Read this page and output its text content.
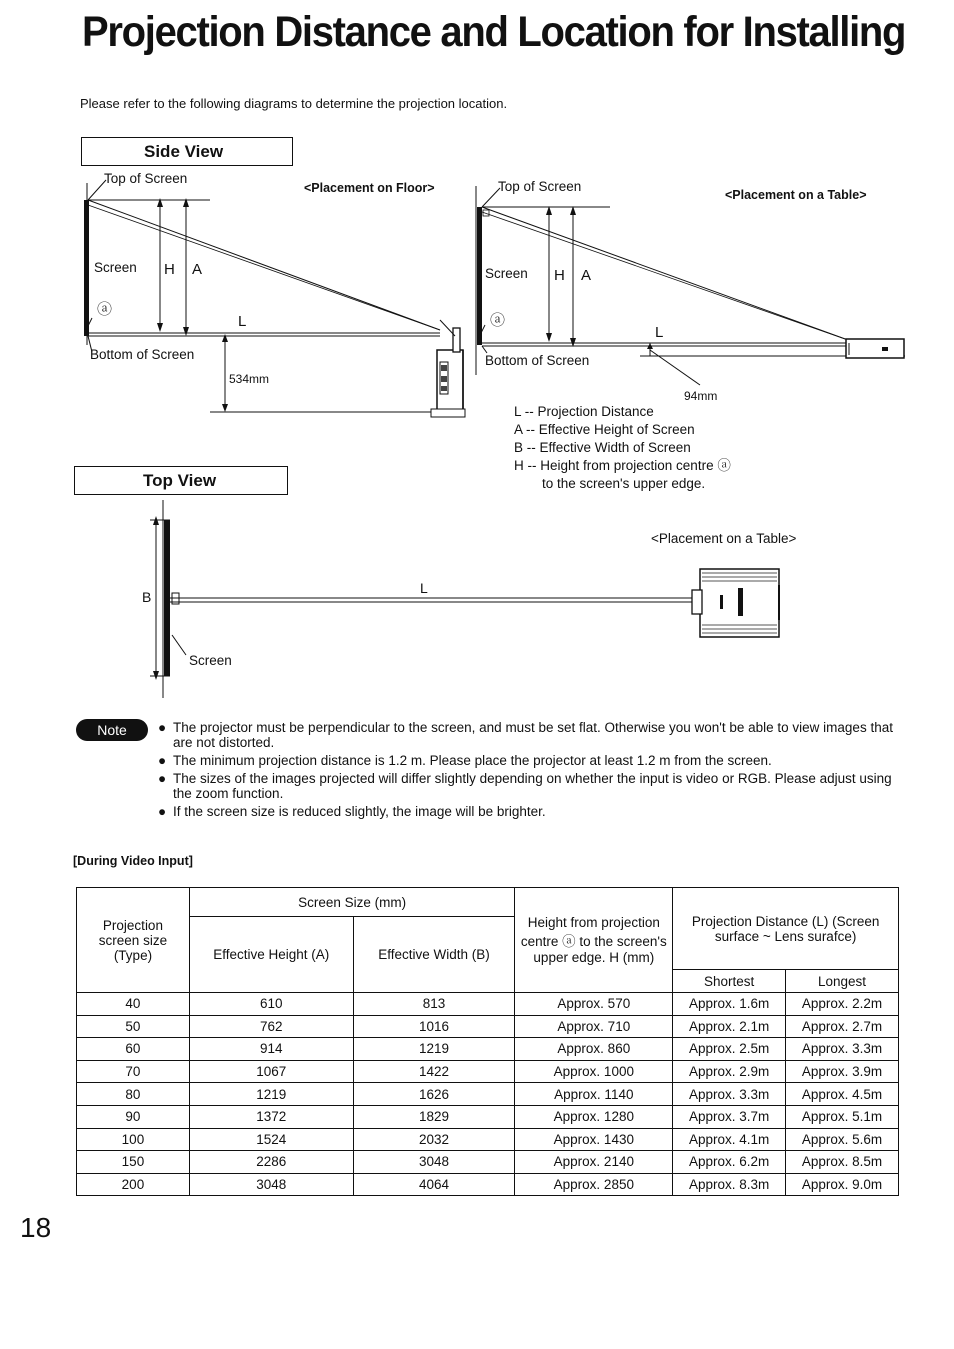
Projection Distance and Location for Installing
Please refer to the following diagrams to determine the projection location.
Side View
Top of Screen
<Placement on Floor>
Screen H A
ⓐ
L
Bottom of Screen
534mm
Top of Screen
<Placement on a Table>
Screen H A
ⓐ
L
Bottom of Screen
94mm
L -- Projection Distance
A -- Effective Height of Screen
B -- Effective Width of Screen
H -- Height from projection centre ⓐ
to the screen's upper edge.
Top View
<Placement on a Table>
B
L
Screen
Note	● The projector must be perpendicular to the screen, and must be set flat. Otherwise you won't be able to view images that are not distorted.
● The minimum projection distance is 1.2 m. Please place the projector at least 1.2 m from the screen.
● The sizes of the images projected will differ slightly depending on whether the input is video or RGB. Please adjust using the zoom function.
● If the screen size is reduced slightly, the image will be brighter.
[During Video Input]
Projection screen size (Type)	Screen Size (mm)		Height from projection centre ⓐ to the screen's upper edge. H (mm)	Projection Distance (L) (Screen surface ~ Lens surafce)	
	Effective Height (A)	Effective Width (B)			
				Shortest	Longest
40	610	813	Approx. 570	Approx. 1.6m	Approx. 2.2m
50	762	1016	Approx. 710	Approx. 2.1m	Approx. 2.7m
60	914	1219	Approx. 860	Approx. 2.5m	Approx. 3.3m
70	1067	1422	Approx. 1000	Approx. 2.9m	Approx. 3.9m
80	1219	1626	Approx. 1140	Approx. 3.3m	Approx. 4.5m
90	1372	1829	Approx. 1280	Approx. 3.7m	Approx. 5.1m
100	1524	2032	Approx. 1430	Approx. 4.1m	Approx. 5.6m
150	2286	3048	Approx. 2140	Approx. 6.2m	Approx. 8.5m
200	3048	4064	Approx. 2850	Approx. 8.3m	Approx. 9.0m
18
